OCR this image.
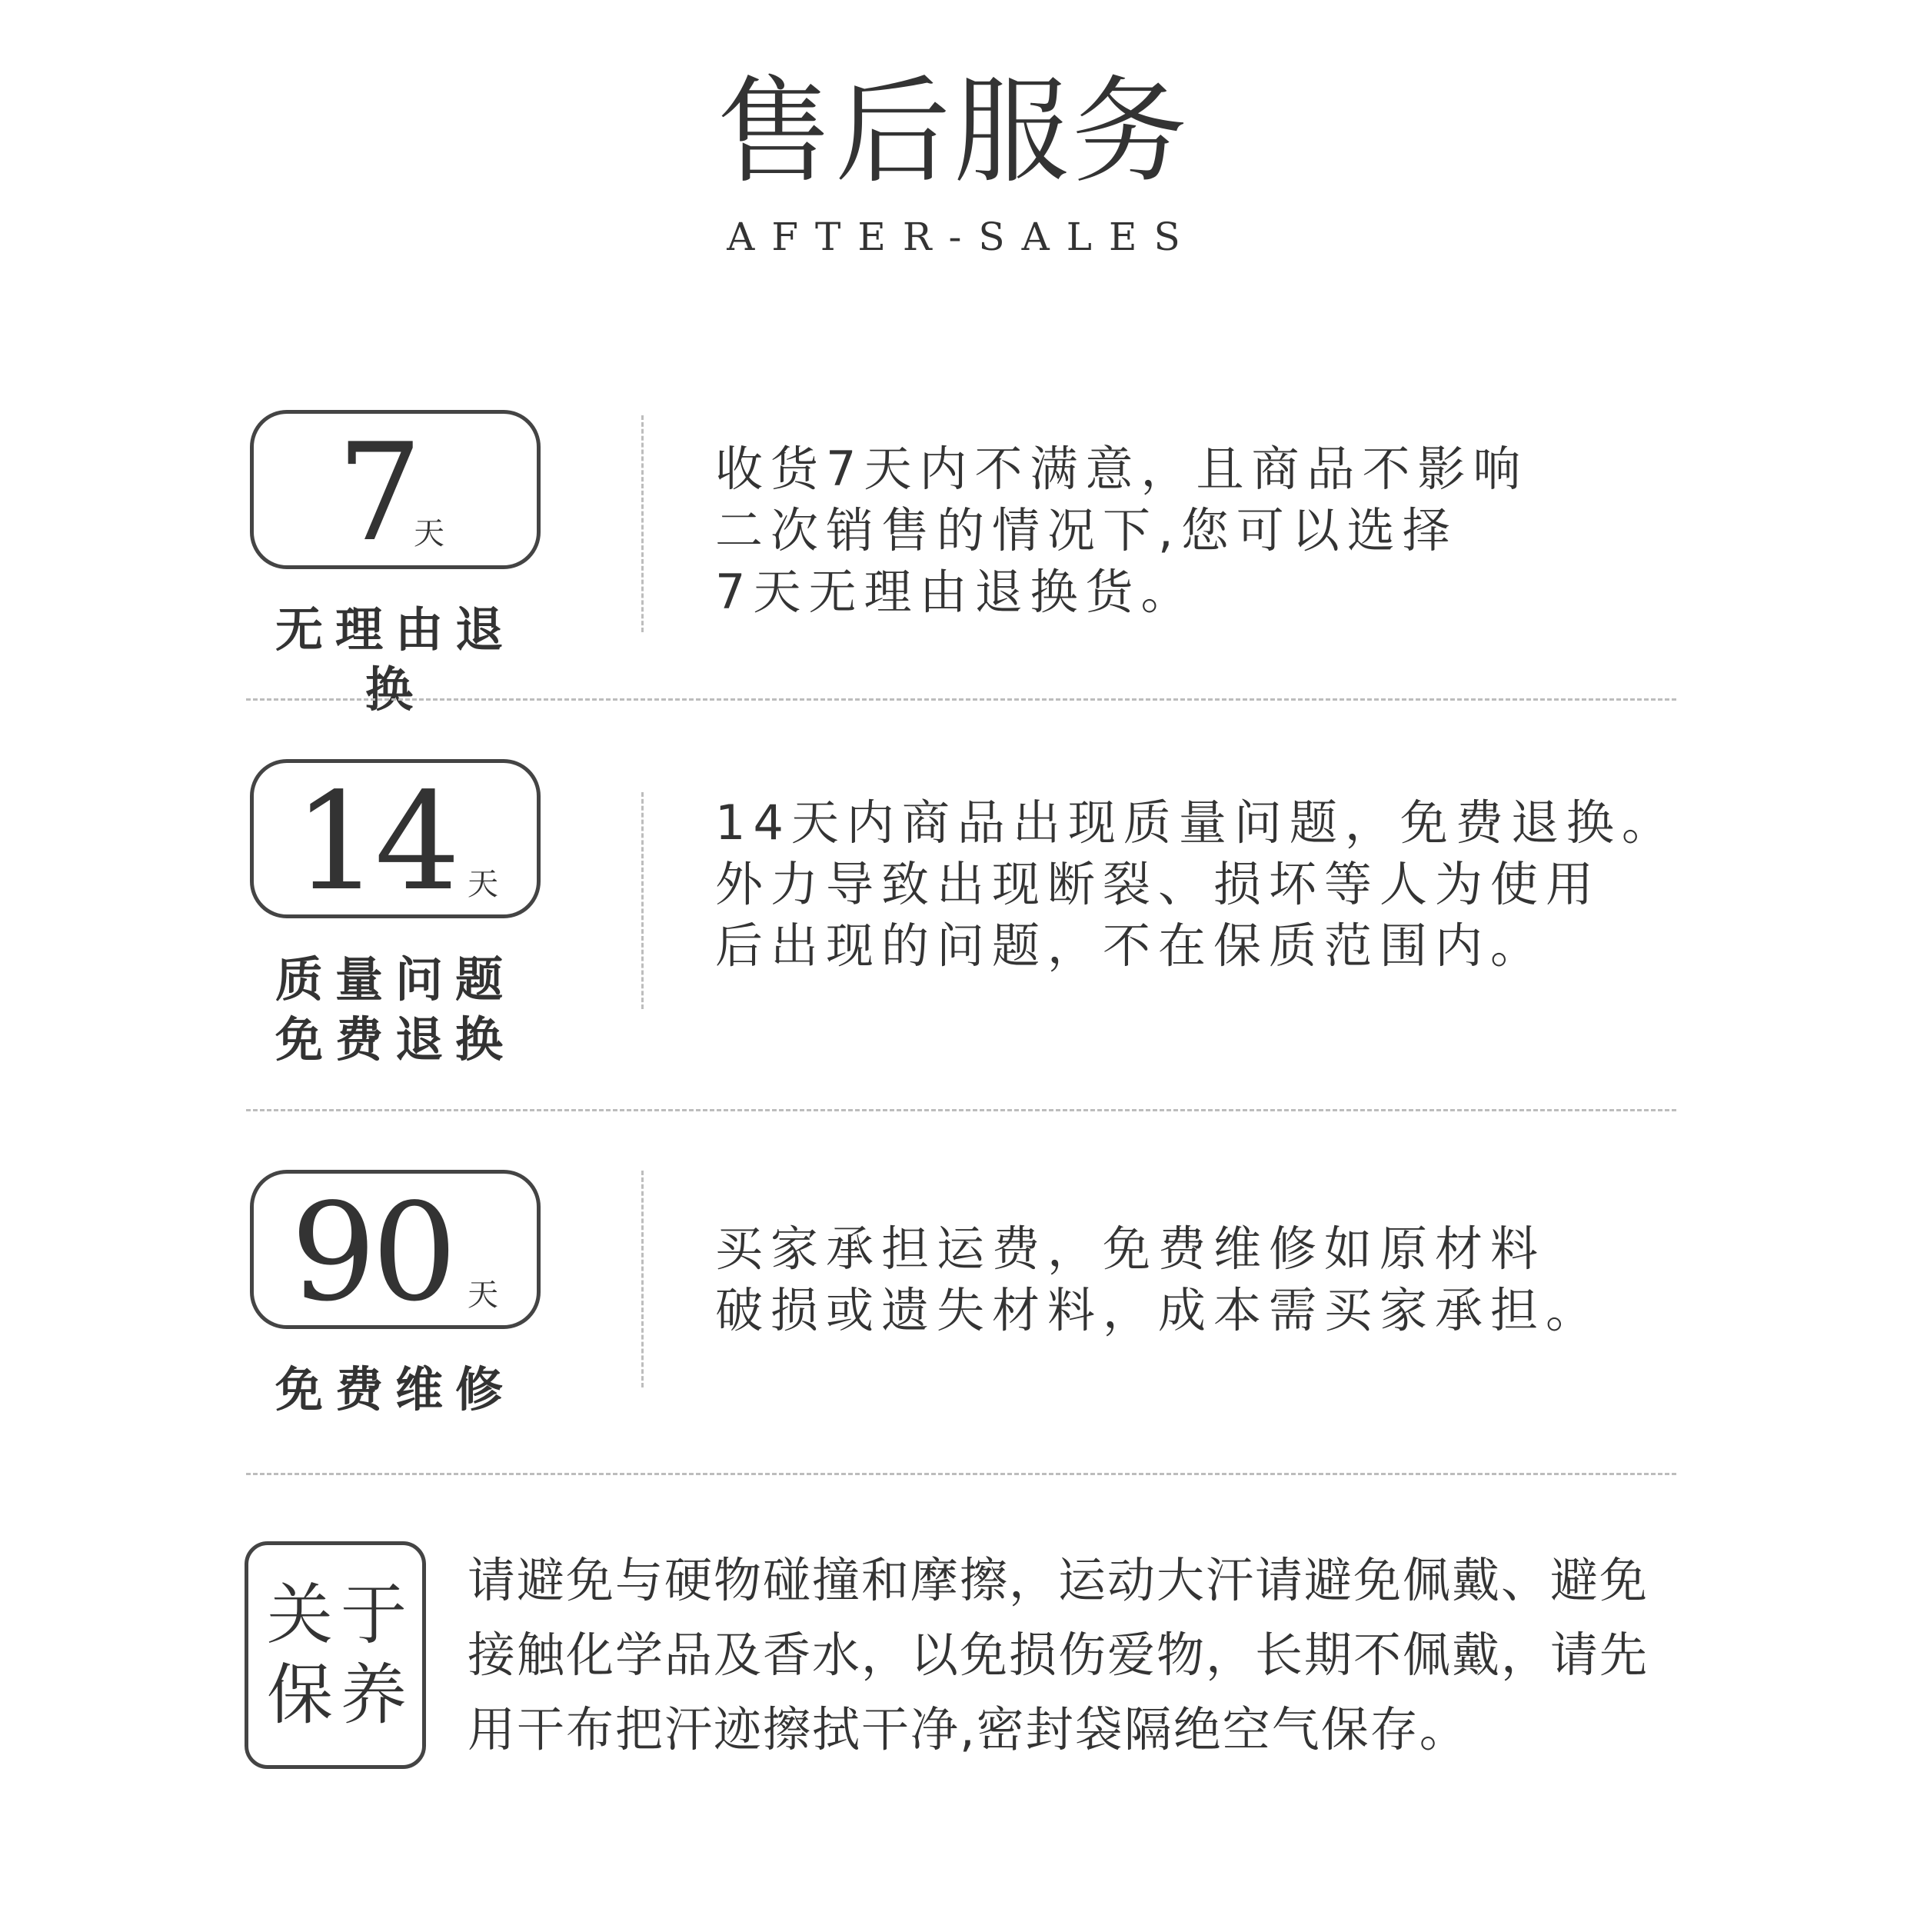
售后服务
AFTER-SALES
7
天
无理由退换
收货7天内不满意，且商品不影响
二次销售的情况下,您可以选择
7天无理由退换货。
14 天
质量问题
免费退换
14天内商品出现质量问题，免费退换。
外力导致出现断裂、损坏等人为使用
后出现的问题，不在保质范围内。
90 天
免费维修
买家承担运费，免费维修如原材料
破损或遗失材料，成本需买家承担。
关 于
保 养
请避免与硬物碰撞和摩擦，运动大汗请避免佩戴、避免
接触化学品及香水，以免损伤爱物，长期不佩戴，请先
用干布把汗迹擦拭干净,密封袋隔绝空气保存。
